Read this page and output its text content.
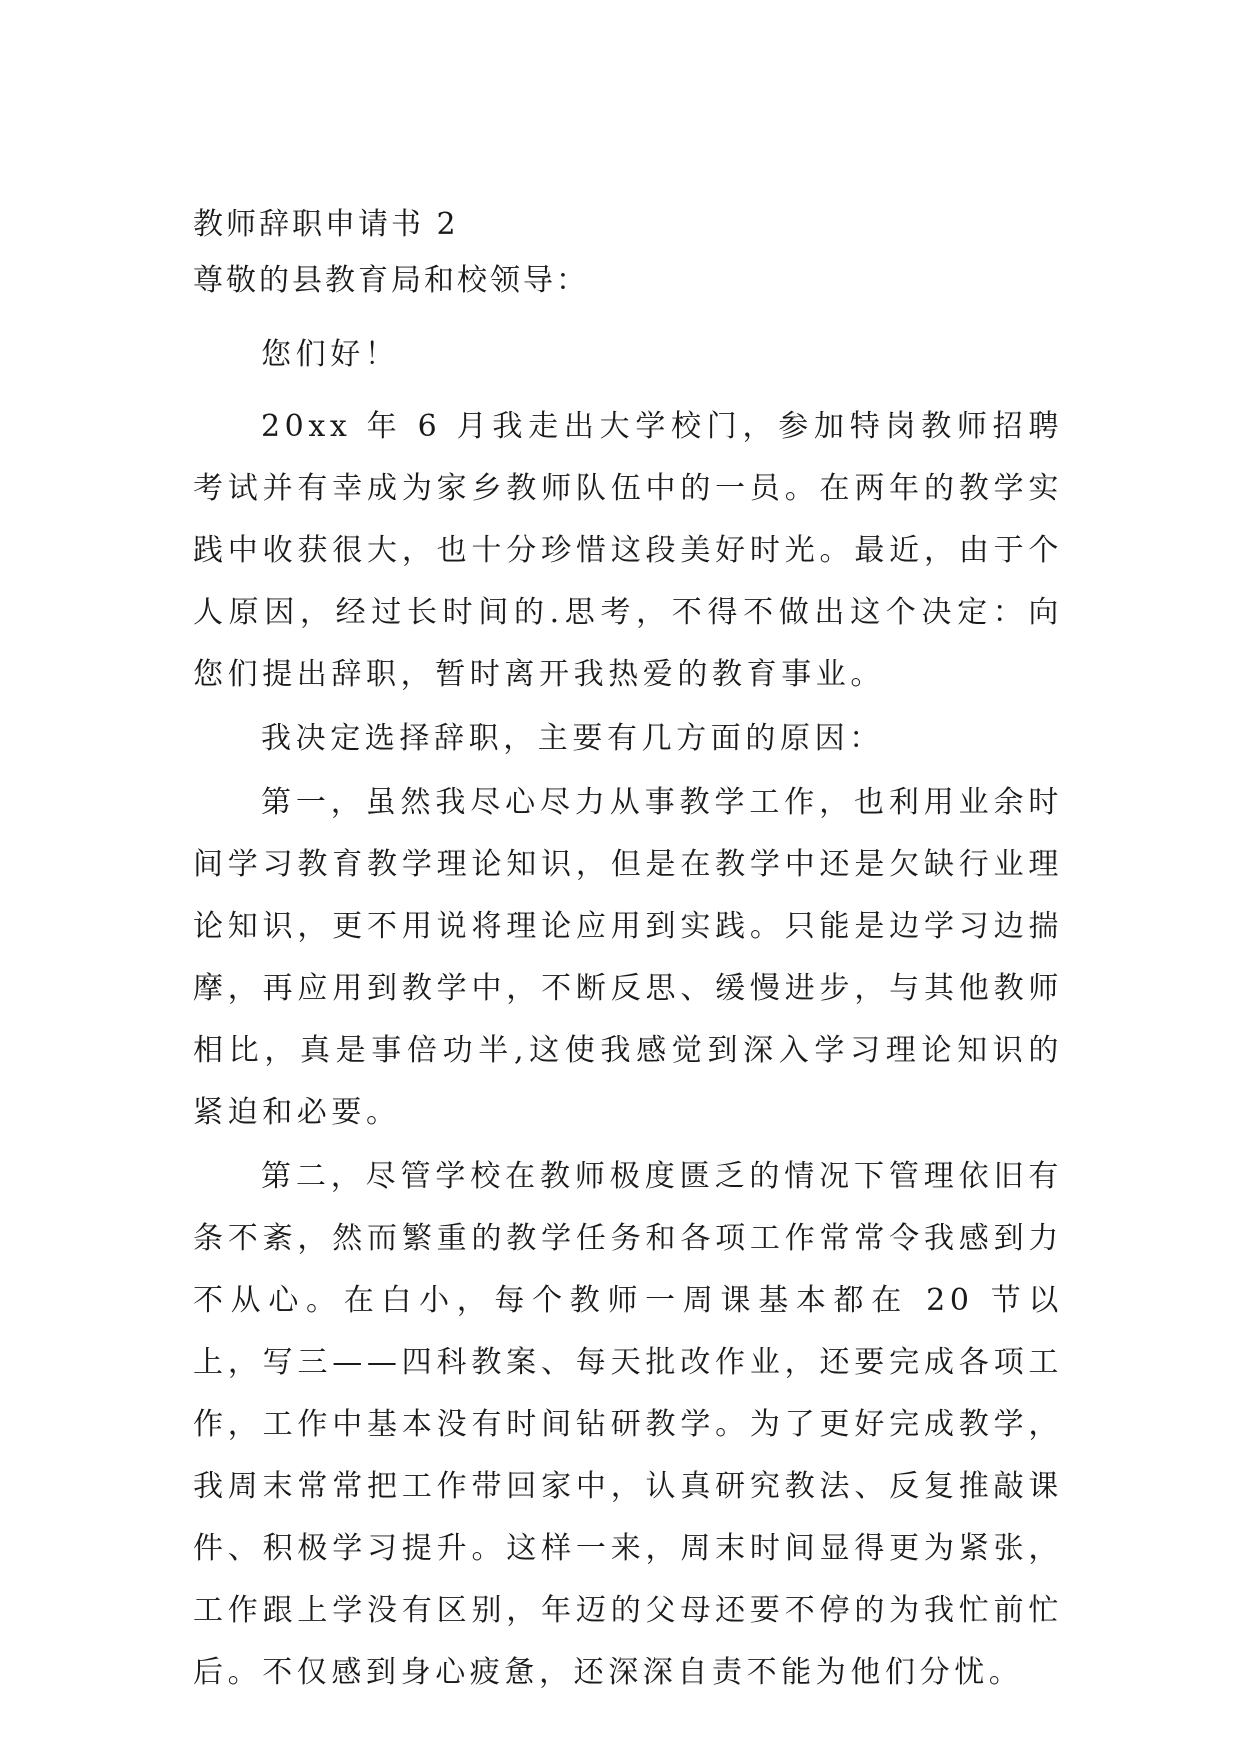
教师辞职申请书 2

尊敬的县教育局和校领导：

您们好！

20xx 年 6 月我走出大学校门，参加特岗教师招聘考试并有幸成为家乡教师队伍中的一员。在两年的教学实践中收获很大，也十分珍惜这段美好时光。最近，由于个人原因，经过长时间的.思考，不得不做出这个决定：向您们提出辞职，暂时离开我热爱的教育事业。

我决定选择辞职，主要有几方面的原因：

第一，虽然我尽心尽力从事教学工作，也利用业余时间学习教育教学理论知识，但是在教学中还是欠缺行业理论知识，更不用说将理论应用到实践。只能是边学习边揣摩，再应用到教学中，不断反思、缓慢进步，与其他教师相比，真是事倍功半,这使我感觉到深入学习理论知识的紧迫和必要。

第二，尽管学校在教师极度匮乏的情况下管理依旧有条不紊，然而繁重的教学任务和各项工作常常令我感到力不从心。在白小，每个教师一周课基本都在 20 节以上，写三——四科教案、每天批改作业，还要完成各项工作，工作中基本没有时间钻研教学。为了更好完成教学，我周末常常把工作带回家中，认真研究教法、反复推敲课件、积极学习提升。这样一来，周末时间显得更为紧张，工作跟上学没有区别，年迈的父母还要不停的为我忙前忙后。不仅感到身心疲惫，还深深自责不能为他们分忧。
